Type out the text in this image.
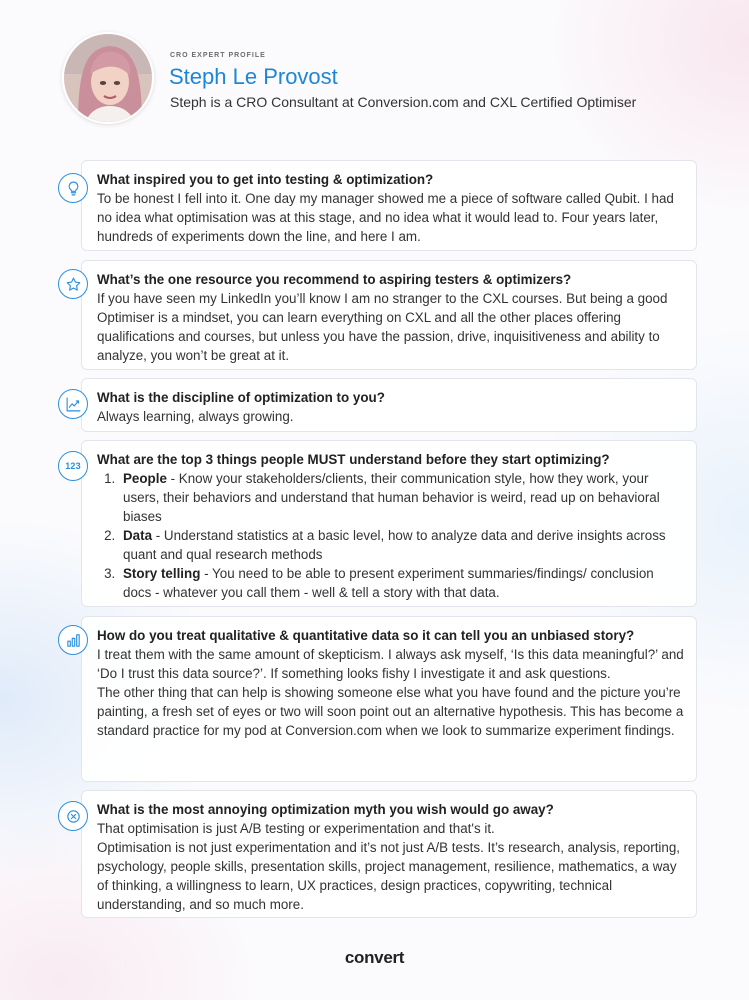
CRO EXPERT PROFILE
Steph Le Provost
Steph is a CRO Consultant at Conversion.com and CXL Certified Optimiser
What inspired you to get into testing & optimization?
To be honest I fell into it. One day my manager showed me a piece of software called Qubit. I had no idea what optimisation was at this stage, and no idea what it would lead to. Four years later, hundreds of experiments down the line, and here I am.
What’s the one resource you recommend to aspiring testers & optimizers?
If you have seen my LinkedIn you’ll know I am no stranger to the CXL courses. But being a good Optimiser is a mindset, you can learn everything on CXL and all the other places offering qualifications and courses, but unless you have the passion, drive, inquisitiveness and ability to analyze, you won’t be great at it.
What is the discipline of optimization to you?
Always learning, always growing.
What are the top 3 things people MUST understand before they start optimizing?
1. People - Know your stakeholders/clients, their communication style, how they work, your users, their behaviors and understand that human behavior is weird, read up on behavioral biases
2. Data - Understand statistics at a basic level, how to analyze data and derive insights across quant and qual research methods
3. Story telling - You need to be able to present experiment summaries/findings/ conclusion docs - whatever you call them - well & tell a story with that data.
123
How do you treat qualitative & quantitative data so it can tell you an unbiased story?
I treat them with the same amount of skepticism. I always ask myself, ‘Is this data meaningful?’ and ‘Do I trust this data source?’. If something looks fishy I investigate it and ask questions.
The other thing that can help is showing someone else what you have found and the picture you’re painting, a fresh set of eyes or two will soon point out an alternative hypothesis. This has become a standard practice for my pod at Conversion.com when we look to summarize experiment findings.
What is the most annoying optimization myth you wish would go away?
That optimisation is just A/B testing or experimentation and that's it.
Optimisation is not just experimentation and it’s not just A/B tests. It’s research, analysis, reporting, psychology, people skills, presentation skills, project management, resilience, mathematics, a way of thinking, a willingness to learn, UX practices, design practices, copywriting, technical understanding, and so much more.
convert
